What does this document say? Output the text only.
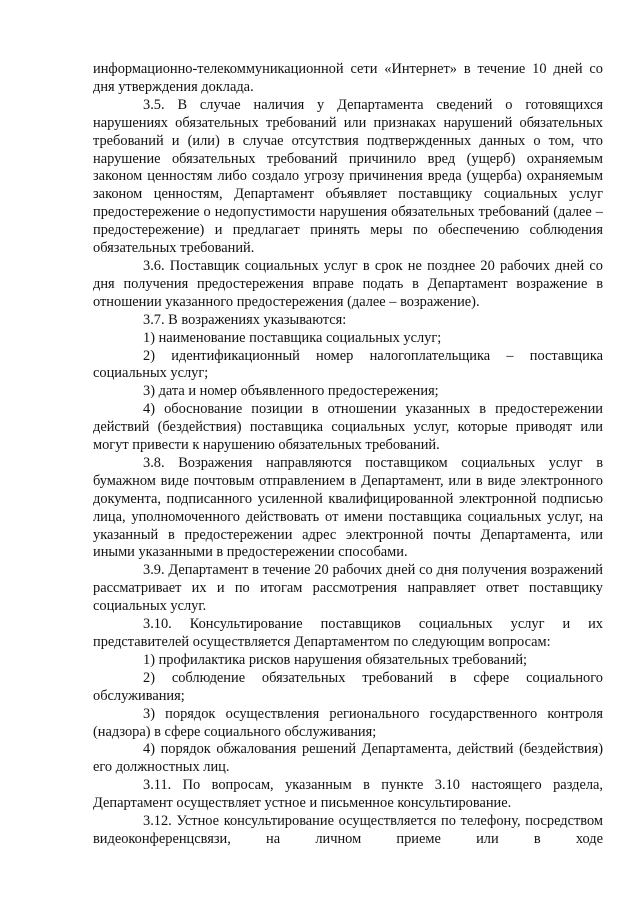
информационно-телекоммуникационной сети «Интернет» в течение 10 дней со дня утверждения доклада.

3.5. В случае наличия у Департамента сведений о готовящихся нарушениях обязательных требований или признаках нарушений обязательных требований и (или) в случае отсутствия подтвержденных данных о том, что нарушение обязательных требований причинило вред (ущерб) охраняемым законом ценностям либо создало угрозу причинения вреда (ущерба) охраняемым законом ценностям, Департамент объявляет поставщику социальных услуг предостережение о недопустимости нарушения обязательных требований (далее – предостережение) и предлагает принять меры по обеспечению соблюдения обязательных требований.

3.6. Поставщик социальных услуг в срок не позднее 20 рабочих дней со дня получения предостережения вправе подать в Департамент возражение в отношении указанного предостережения (далее – возражение).

3.7. В возражениях указываются:

1) наименование поставщика социальных услуг;

2) идентификационный номер налогоплательщика – поставщика социальных услуг;

3) дата и номер объявленного предостережения;

4) обоснование позиции в отношении указанных в предостережении действий (бездействия) поставщика социальных услуг, которые приводят или могут привести к нарушению обязательных требований.

3.8. Возражения направляются поставщиком социальных услуг в бумажном виде почтовым отправлением в Департамент, или в виде электронного документа, подписанного усиленной квалифицированной электронной подписью лица, уполномоченного действовать от имени поставщика социальных услуг, на указанный в предостережении адрес электронной почты Департамента, или иными указанными в предостережении способами.

3.9. Департамент в течение 20 рабочих дней со дня получения возражений рассматривает их и по итогам рассмотрения направляет ответ поставщику социальных услуг.

3.10. Консультирование поставщиков социальных услуг и их представителей осуществляется Департаментом по следующим вопросам:

1) профилактика рисков нарушения обязательных требований;

2) соблюдение обязательных требований в сфере социального обслуживания;

3) порядок осуществления регионального государственного контроля (надзора) в сфере социального обслуживания;

4) порядок обжалования решений Департамента, действий (бездействия) его должностных лиц.

3.11. По вопросам, указанным в пункте 3.10 настоящего раздела, Департамент осуществляет устное и письменное консультирование.

3.12. Устное консультирование осуществляется по телефону, посредством видеоконференцсвязи, на личном приеме или в ходе
